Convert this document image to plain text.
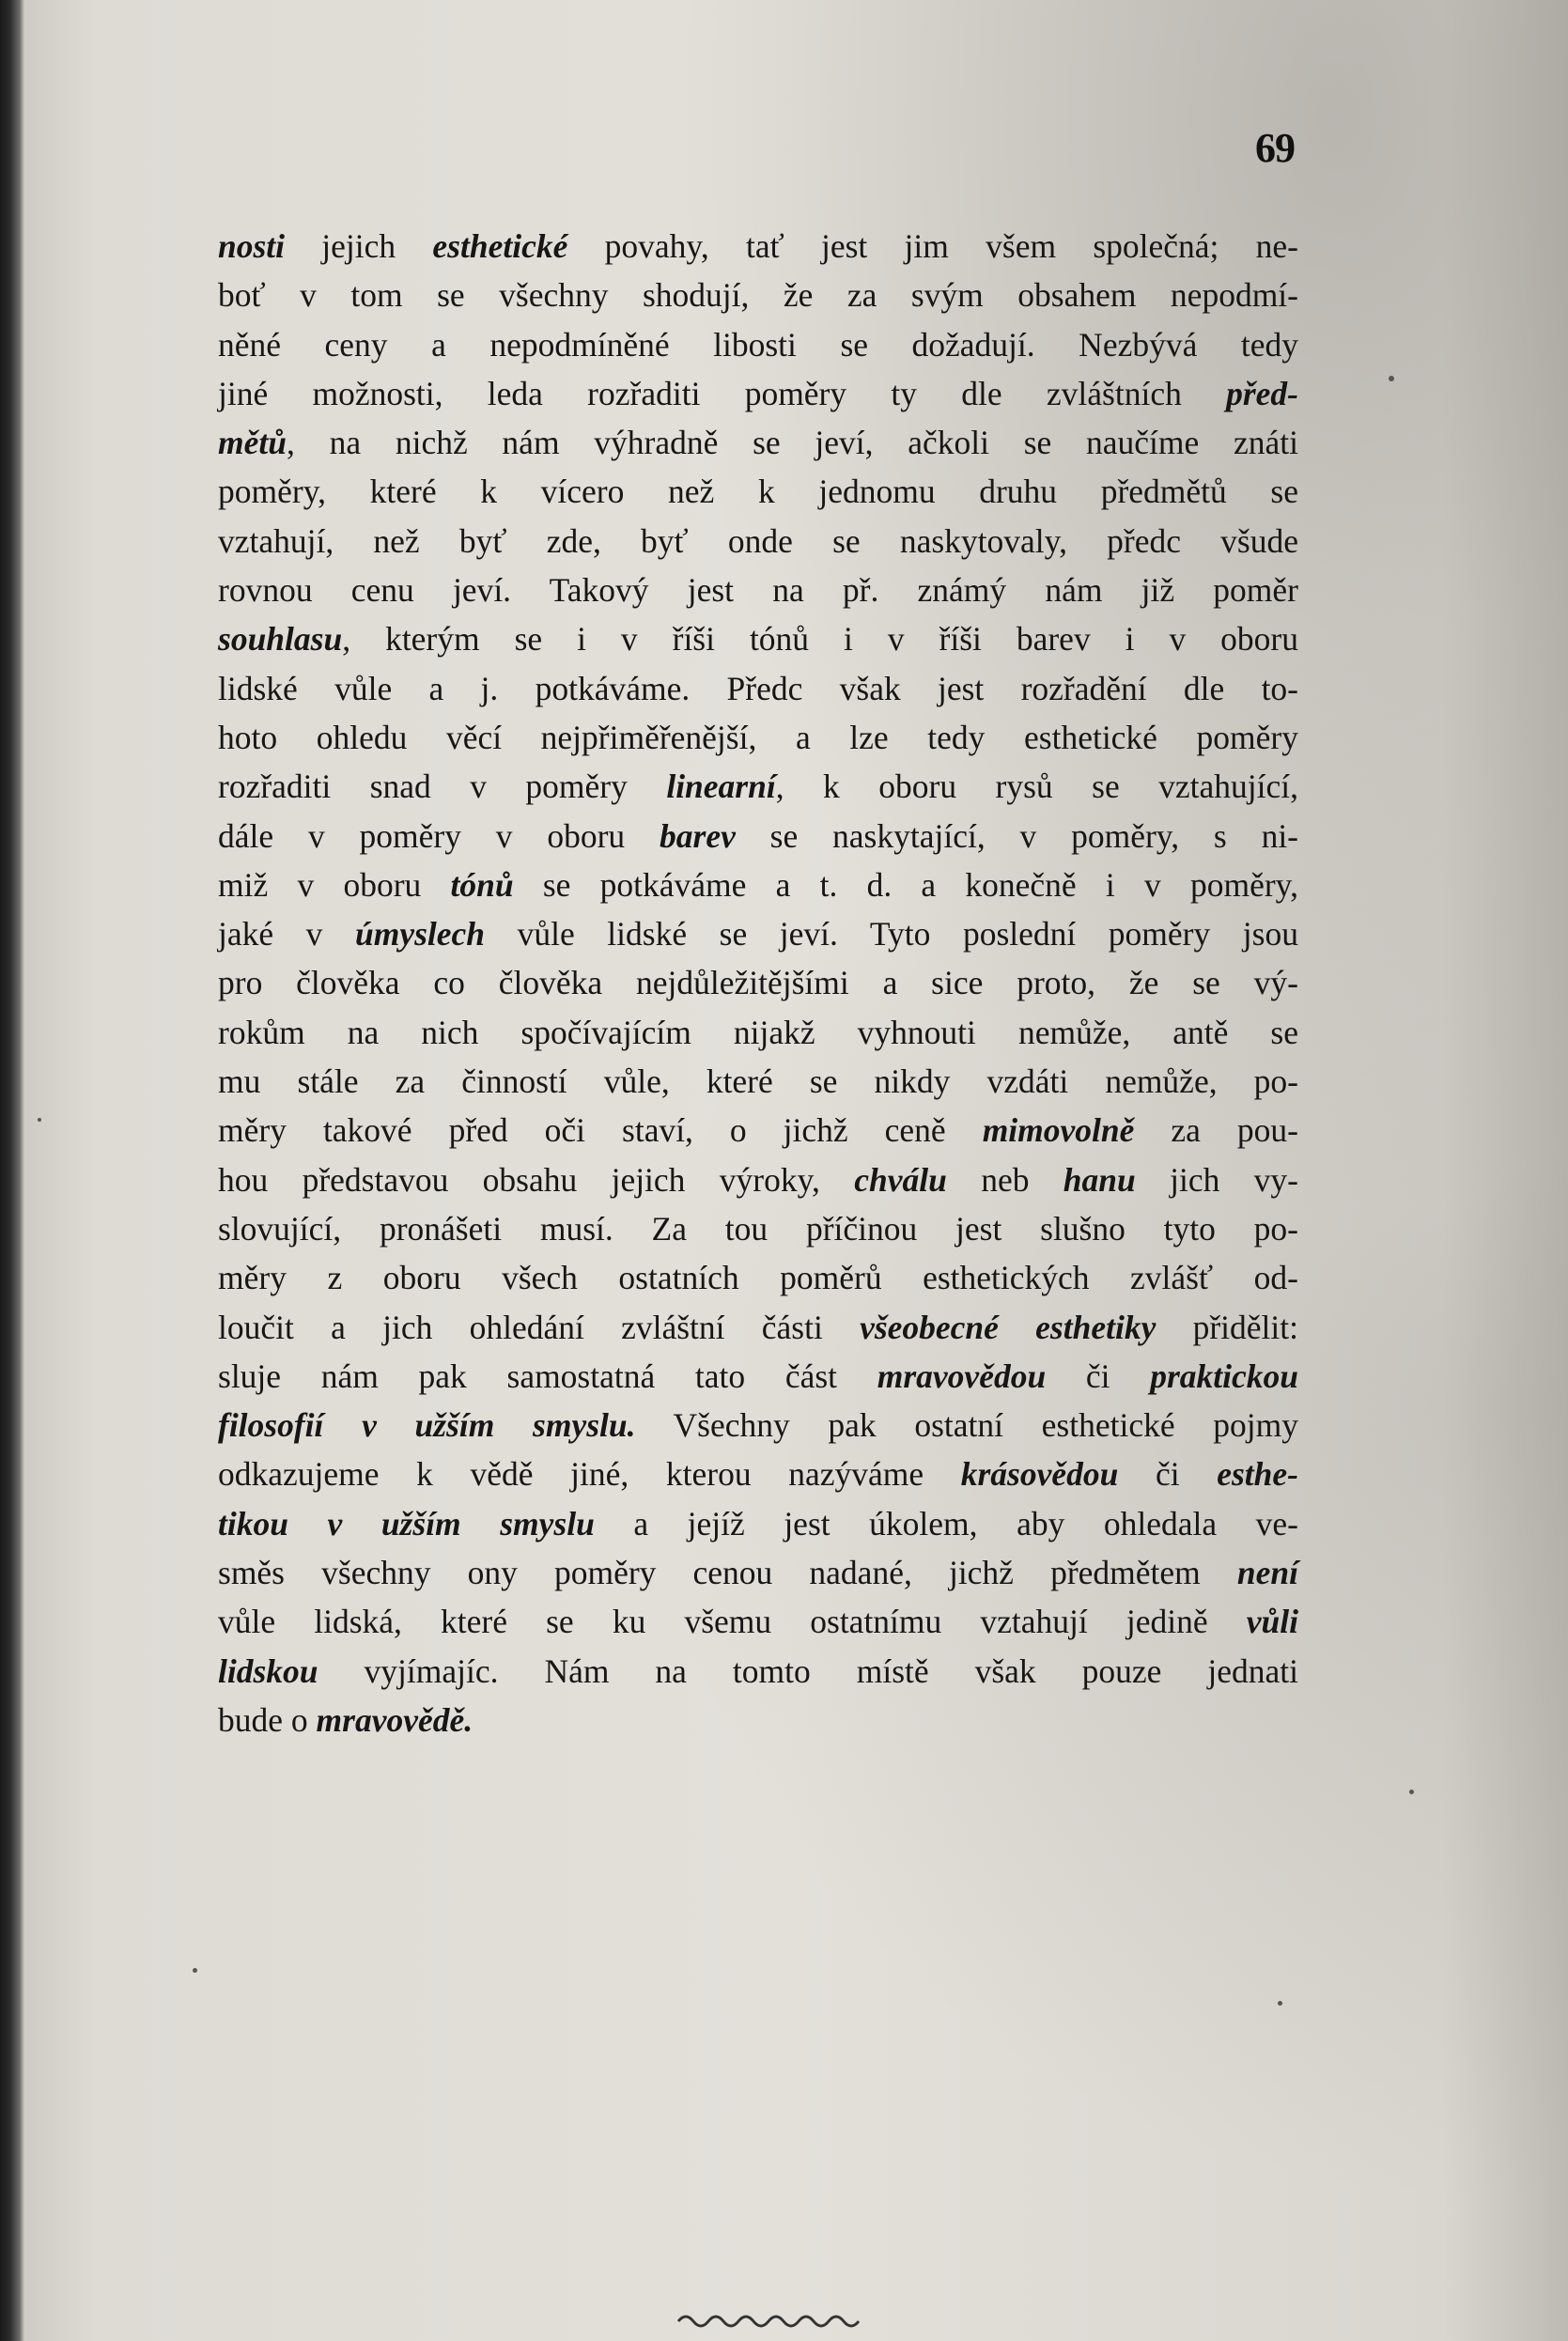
69
nosti jejich esthetické povahy, tať jest jim všem společná; ne-
boť v tom se všechny shodují, že za svým obsahem nepodmí-
něné ceny a nepodmíněné libosti se dožadují. Nezbývá tedy
jiné možnosti, leda rozřaditi poměry ty dle zvláštních před-
mětů, na nichž nám výhradně se jeví, ačkoli se naučíme znáti
poměry, které k vícero než k jednomu druhu předmětů se
vztahují, než byť zde, byť onde se naskytovaly, předc všude
rovnou cenu jeví. Takový jest na př. známý nám již poměr
souhlasu, kterým se i v říši tónů i v říši barev i v oboru
lidské vůle a j. potkáváme. Předc však jest rozřadění dle to-
hoto ohledu věcí nejpřiměřenější, a lze tedy esthetické poměry
rozřaditi snad v poměry linearní, k oboru rysů se vztahující,
dále v poměry v oboru barev se naskytající, v poměry, s ni-
miž v oboru tónů se potkáváme a t. d. a konečně i v poměry,
jaké v úmyslech vůle lidské se jeví. Tyto poslední poměry jsou
pro člověka co člověka nejdůležitějšími a sice proto, že se vý-
rokům na nich spočívajícím nijakž vyhnouti nemůže, antě se
mu stále za činností vůle, které se nikdy vzdáti nemůže, po-
měry takové před oči staví, o jichž ceně mimovolně za pou-
hou představou obsahu jejich výroky, chválu neb hanu jich vy-
slovující, pronášeti musí. Za tou příčinou jest slušno tyto po-
měry z oboru všech ostatních poměrů esthetických zvlášť od-
loučit a jich ohledání zvláštní části všeobecné esthetiky přidělit:
sluje nám pak samostatná tato část mravovědou či praktickou
filosofií v užším smyslu. Všechny pak ostatní esthetické pojmy
odkazujeme k vědě jiné, kterou nazýváme krásovědou či esthe-
tikou v užším smyslu a jejíž jest úkolem, aby ohledala ve-
směs všechny ony poměry cenou nadané, jichž předmětem není
vůle lidská, které se ku všemu ostatnímu vztahují jedině vůli
lidskou vyjímajíc. Nám na tomto místě však pouze jednati
bude o mravovědě.
